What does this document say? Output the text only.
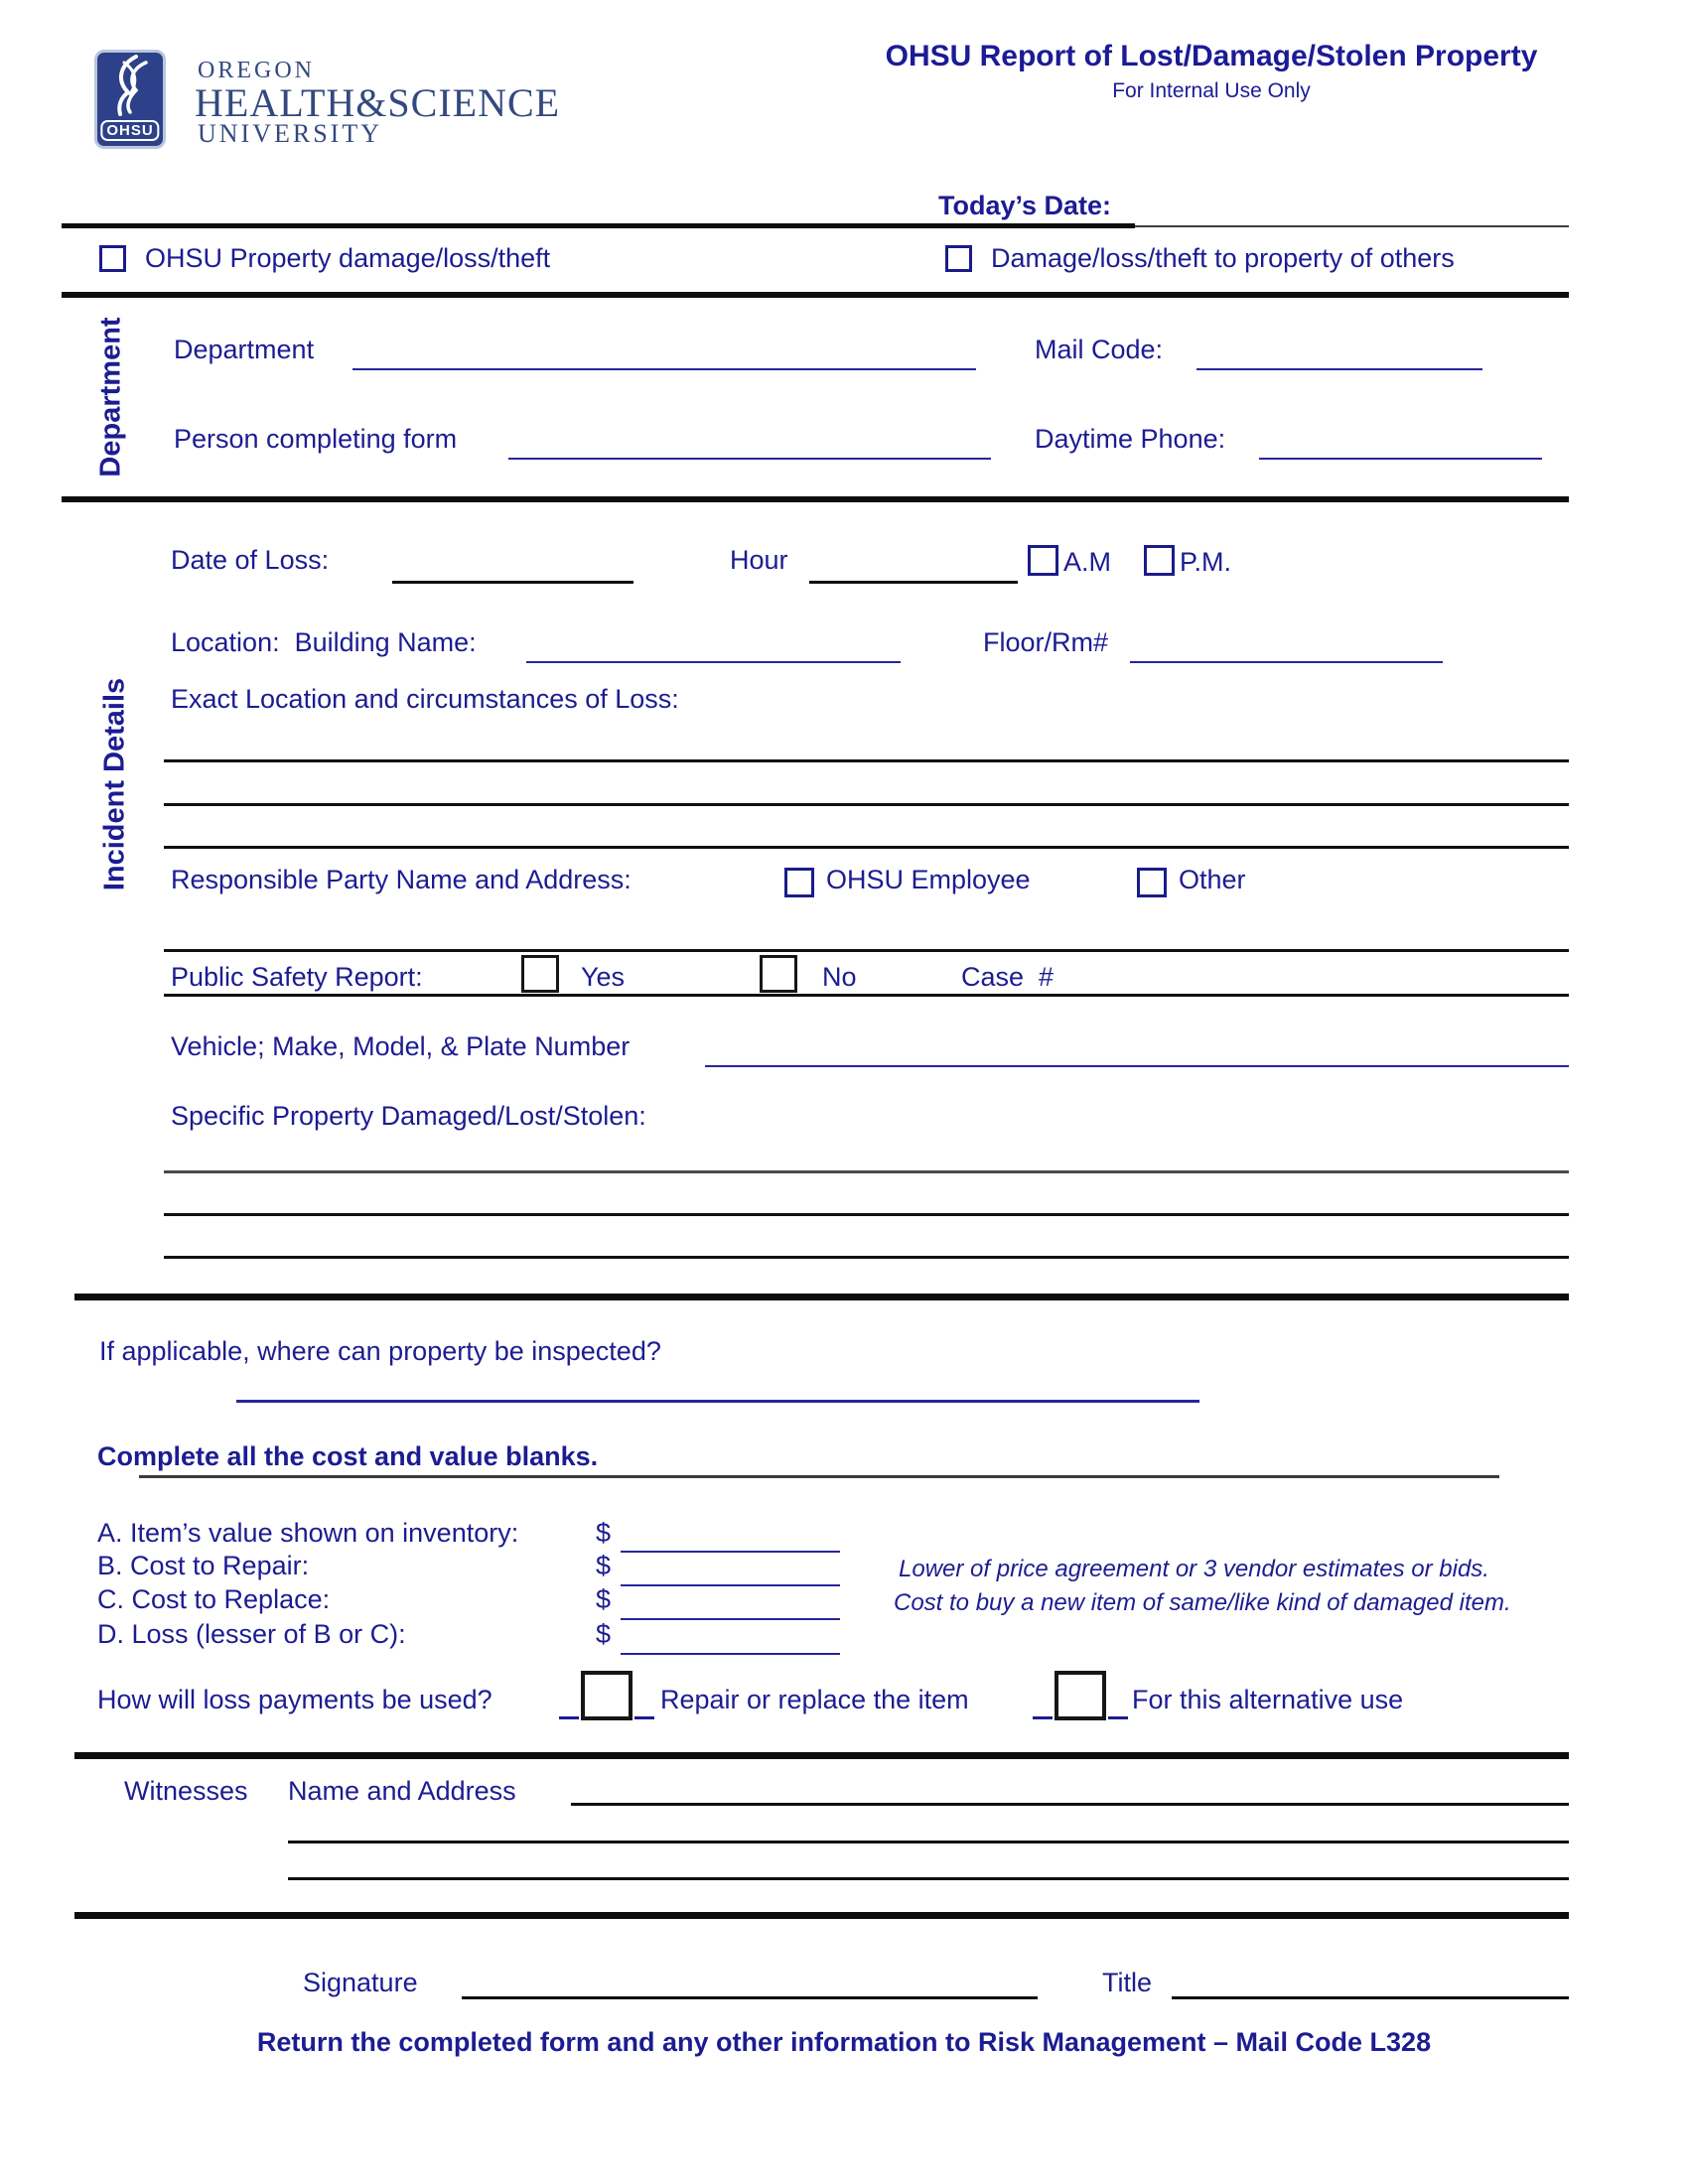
OHSU
OREGON
HEALTH&SCIENCE
UNIVERSITY
OHSU Report of Lost/Damage/Stolen Property
For Internal Use Only
Today’s Date:
OHSU Property damage/loss/theft	Damage/loss/theft to property of others
Department Department	Mail Code:
Person completing form	Daytime Phone:
Incident Details
Date of Loss:	Hour	A.M	P.M.
Location:  Building Name:	Floor/Rm#
Exact Location and circumstances of Loss:
Responsible Party Name and Address:	OHSU Employee	Other
Public Safety Report:	Yes	No	Case  #
Vehicle; Make, Model, & Plate Number
Specific Property Damaged/Lost/Stolen:
If applicable, where can property be inspected?
Complete all the cost and value blanks.
A. Item’s value shown on inventory:	$
B. Cost to Repair:	$	Lower of price agreement or 3 vendor estimates or bids.
C. Cost to Replace:	$	Cost to buy a new item of same/like kind of damaged item.
D. Loss (lesser of B or C):	$
How will loss payments be used?	Repair or replace the item	For this alternative use
Witnesses Name and Address
Signature	Title
Return the completed form and any other information to Risk Management – Mail Code L328
